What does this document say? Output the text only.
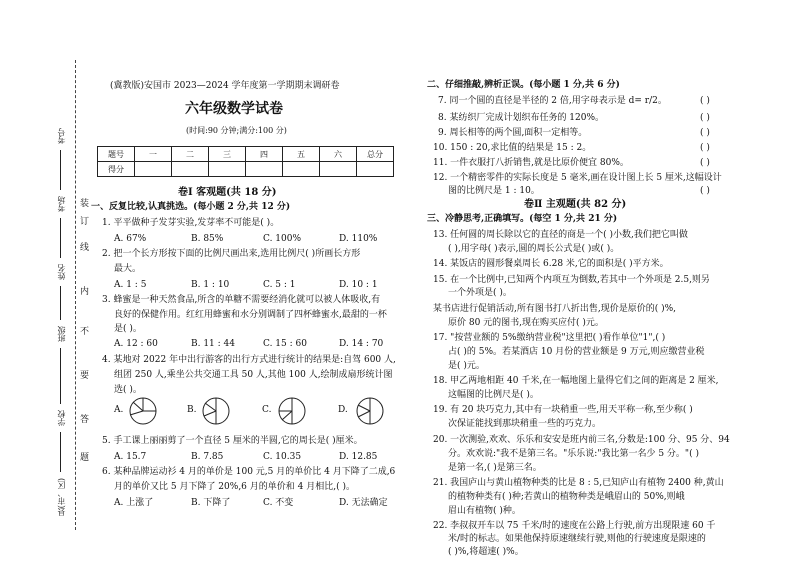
考号
考场
姓名
班级
学校
县(市、区)
装
订
线
内
不
要
答
题
(冀教版)安国市 2023—2024 学年度第一学期期末调研卷
六年级数学试卷
(时间:90 分钟;满分:100 分)
题号	一	二	三	四	五	六	总分
得分							
卷Ⅰ 客观题(共 18 分)
一、反复比较,认真挑选。(每小题 2 分,共 12 分)
1. 平平做种子发芽实验,发芽率不可能是( )。
A. 67%	B. 85%	C. 100%	D. 110%
2. 把一个长方形按下面的比例尺画出来,选用比例尺( )所画长方形
最大。
A. 1 : 5	B. 1 : 10	C. 5 : 1	D. 10 : 1
3. 蜂蜜是一种天然食品,所含的单糖不需要经消化就可以被人体吸收,有
良好的保健作用。红红用蜂蜜和水分别调制了四杯蜂蜜水,最甜的一杯
是( )。
A. 12 : 60	B. 11 : 44	C. 15 : 60	D. 14 : 70
4. 某地对 2022 年中出行游客的出行方式进行统计的结果是:自驾 600 人,
组团 250 人,乘坐公共交通工具 50 人,其他 100 人,绘制成扇形统计图
选( )。
A.	B.	C.	D.
5. 手工课上丽丽剪了一个直径 5 厘米的半圆,它的周长是( )厘米。
A. 15.7	B. 7.85	C. 10.35	D. 12.85
6. 某种品牌运动衫 4 月的单价是 100 元,5 月的单价比 4 月下降了二成,6
月的单价又比 5 月下降了 20%,6 月的单价和 4 月相比,( )。
A. 上涨了	B. 下降了	C. 不变	D. 无法确定
二、仔细推敲,辨析正误。(每小题 1 分,共 6 分)
7. 同一个圆的直径是半径的 2 倍,用字母表示是 d= r/2。	( )
8. 某纺织厂完成计划织布任务的 120%。	( )
9. 周长相等的两个圆,面积一定相等。	( )
10. 150 : 20,求比值的结果是 15 : 2。	( )
11. 一件衣服打八折销售,就是比原价便宜 80%。	( )
12. 一个精密零件的实际长度是 5 毫米,画在设计图上长 5 厘米,这幅设计
图的比例尺是 1 : 10。	( )
卷Ⅱ 主观题(共 82 分)
三、冷静思考,正确填写。(每空 1 分,共 21 分)
13. 任何圆的周长除以它的直径的商是一个( )小数,我们把它叫做
( ),用字母( )表示,圆的周长公式是( )或( )。
14. 某饭店的圆形餐桌周长 6.28 米,它的面积是( )平方米。
15. 在一个比例中,已知两个内项互为倒数,若其中一个外项是 2.5,则另
一个外项是( )。
某书店进行促销活动,所有图书打八折出售,现价是原价的( )%,
原价 80 元的图书,现在购买应付( )元。
17. "按营业额的 5%缴纳营业税"这里把( )看作单位"1",( )
占( )的 5%。若某酒店 10 月份的营业额是 9 万元,则应缴营业税
是( )元。
18. 甲乙两地相距 40 千米,在一幅地图上量得它们之间的距离是 2 厘米,
这幅图的比例尺是( )。
19. 有 20 块巧克力,其中有一块稍重一些,用天平称一称,至少称( )
次保证能找到那块稍重一些的巧克力。
20. 一次测验,欢欢、乐乐和安安是班内前三名,分数是:100 分、95 分、94
分。欢欢说:"我不是第三名。"乐乐说:"我比第一名少 5 分。"( )
是第一名,( )是第三名。
21. 我国庐山与黄山植物种类的比是 8 : 5,已知庐山有植物 2400 种,黄山
的植物种类有( )种;若黄山的植物种类是峨眉山的 50%,则峨
眉山有植物( )种。
22. 李叔叔开车以 75 千米/时的速度在公路上行驶,前方出现限速 60 千
米/时的标志。如果他保持原速继续行驶,则他的行驶速度是限速的
( )%,将超速( )%。
